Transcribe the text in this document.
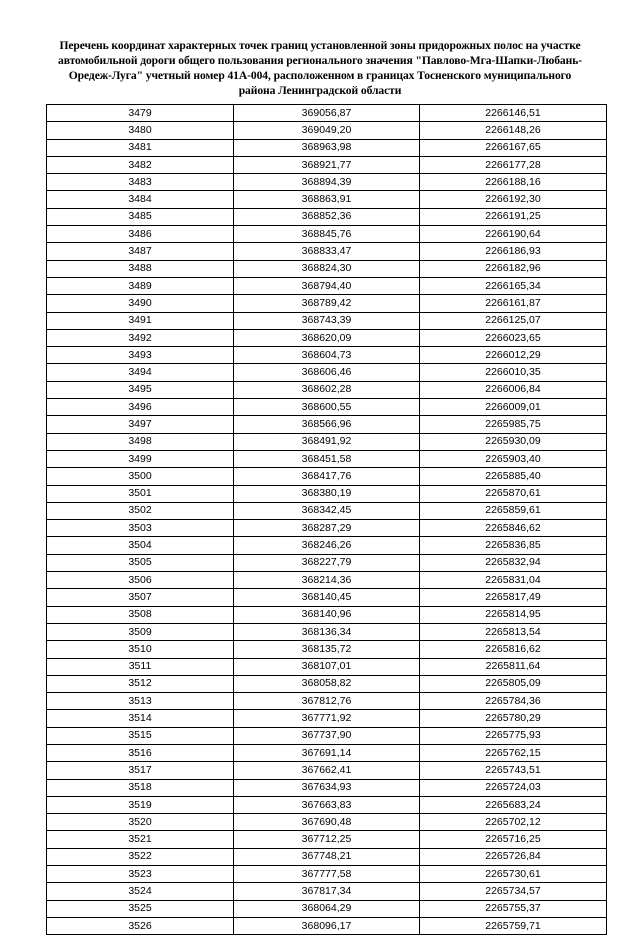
Перечень координат характерных точек границ установленной зоны придорожных полос на участке
автомобильной дороги общего пользования регионального значения "Павлово-Мга-Шапки-Любань-
Оредеж-Луга" учетный номер 41А-004, расположенном в границах Тосненского муниципального
района Ленинградской области
3479	369056,87	2266146,51
3480	369049,20	2266148,26
3481	368963,98	2266167,65
3482	368921,77	2266177,28
3483	368894,39	2266188,16
3484	368863,91	2266192,30
3485	368852,36	2266191,25
3486	368845,76	2266190,64
3487	368833,47	2266186,93
3488	368824,30	2266182,96
3489	368794,40	2266165,34
3490	368789,42	2266161,87
3491	368743,39	2266125,07
3492	368620,09	2266023,65
3493	368604,73	2266012,29
3494	368606,46	2266010,35
3495	368602,28	2266006,84
3496	368600,55	2266009,01
3497	368566,96	2265985,75
3498	368491,92	2265930,09
3499	368451,58	2265903,40
3500	368417,76	2265885,40
3501	368380,19	2265870,61
3502	368342,45	2265859,61
3503	368287,29	2265846,62
3504	368246,26	2265836,85
3505	368227,79	2265832,94
3506	368214,36	2265831,04
3507	368140,45	2265817,49
3508	368140,96	2265814,95
3509	368136,34	2265813,54
3510	368135,72	2265816,62
3511	368107,01	2265811,64
3512	368058,82	2265805,09
3513	367812,76	2265784,36
3514	367771,92	2265780,29
3515	367737,90	2265775,93
3516	367691,14	2265762,15
3517	367662,41	2265743,51
3518	367634,93	2265724,03
3519	367663,83	2265683,24
3520	367690,48	2265702,12
3521	367712,25	2265716,25
3522	367748,21	2265726,84
3523	367777,58	2265730,61
3524	367817,34	2265734,57
3525	368064,29	2265755,37
3526	368096,17	2265759,71
